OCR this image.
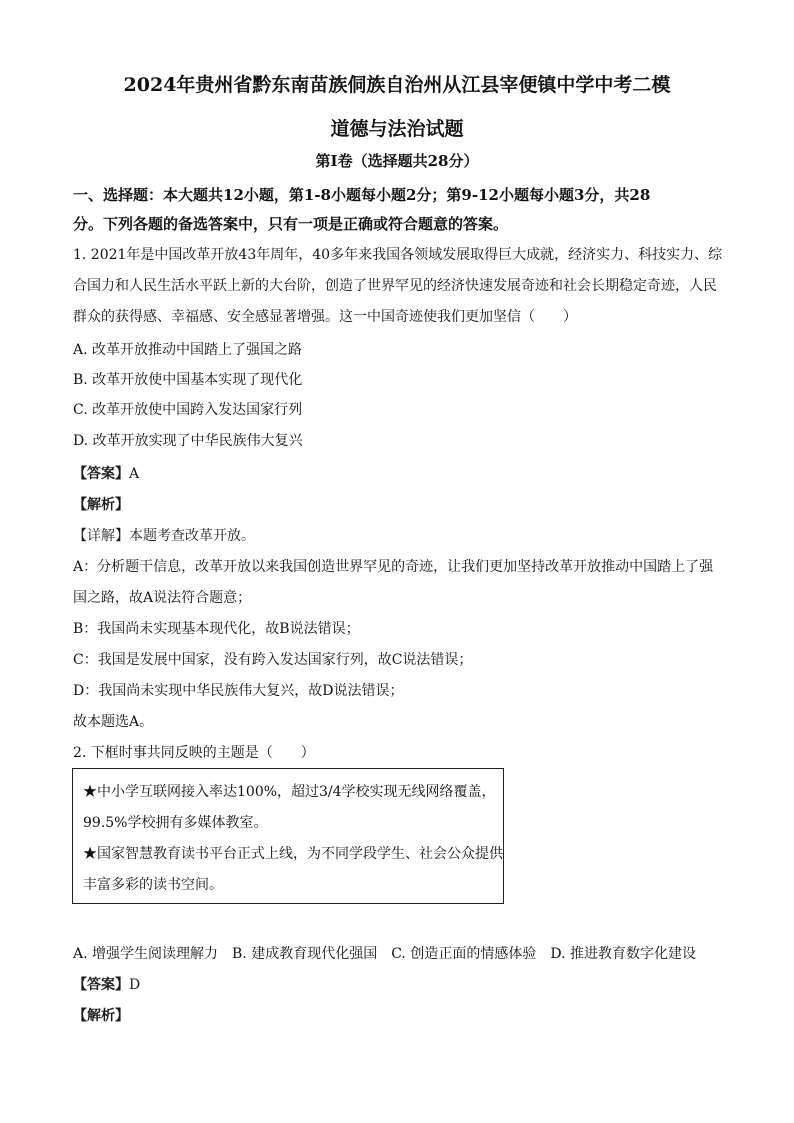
2024年贵州省黔东南苗族侗族自治州从江县宰便镇中学中考二模
道德与法治试题
第Ⅰ卷（选择题共28分）
一、选择题：本大题共12小题，第1-8小题每小题2分；第9-12小题每小题3分，共28
分。下列各题的备选答案中，只有一项是正确或符合题意的答案。
1. 2021年是中国改革开放43年周年，40多年来我国各领域发展取得巨大成就，经济实力、科技实力、综
合国力和人民生活水平跃上新的大台阶，创造了世界罕见的经济快速发展奇迹和社会长期稳定奇迹，人民
群众的获得感、幸福感、安全感显著增强。这一中国奇迹使我们更加坚信（　　）
A. 改革开放推动中国踏上了强国之路
B. 改革开放使中国基本实现了现代化
C. 改革开放使中国跨入发达国家行列
D. 改革开放实现了中华民族伟大复兴
【答案】A
【解析】
【详解】本题考查改革开放。
A：分析题干信息，改革开放以来我国创造世界罕见的奇迹，让我们更加坚持改革开放推动中国踏上了强
国之路，故A说法符合题意；
B：我国尚未实现基本现代化，故B说法错误；
C：我国是发展中国家，没有跨入发达国家行列，故C说法错误；
D：我国尚未实现中华民族伟大复兴，故D说法错误；
故本题选A。
2. 下框时事共同反映的主题是（　　）
★中小学互联网接入率达100%，超过3/4学校实现无线网络覆盖，
99.5%学校拥有多媒体教室。
★国家智慧教育读书平台正式上线，为不同学段学生、社会公众提供
丰富多彩的读书空间。
A. 增强学生阅读理解力 B. 建成教育现代化强国 C. 创造正面的情感体验 D. 推进教育数字化建设
【答案】D
【解析】
